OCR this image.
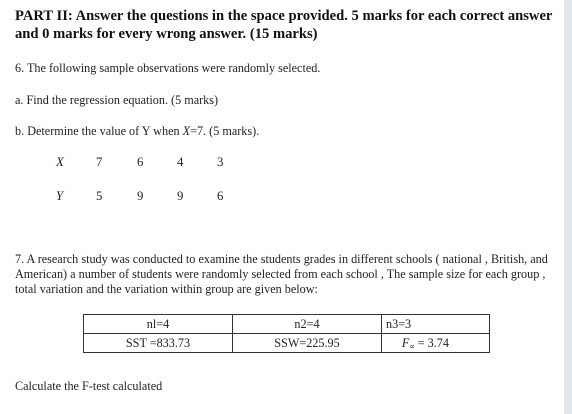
PART II: Answer the questions in the space provided. 5 marks for each correct answer and 0 marks for every wrong answer. (15 marks)
6. The following sample observations were randomly selected.
a. Find the regression equation. (5 marks)
b. Determine the value of Y when X=7. (5 marks).
X	7	6	4	3
Y	5	9	9	6
7. A research study was conducted to examine the students grades in different schools ( national , British, and American) a number of students were randomly selected from each school , The sample size for each group , total variation and the variation within group are given below:
nl=4	n2=4	n3=3
SST =833.73	SSW=225.95	F∝ = 3.74
Calculate the F-test calculated
